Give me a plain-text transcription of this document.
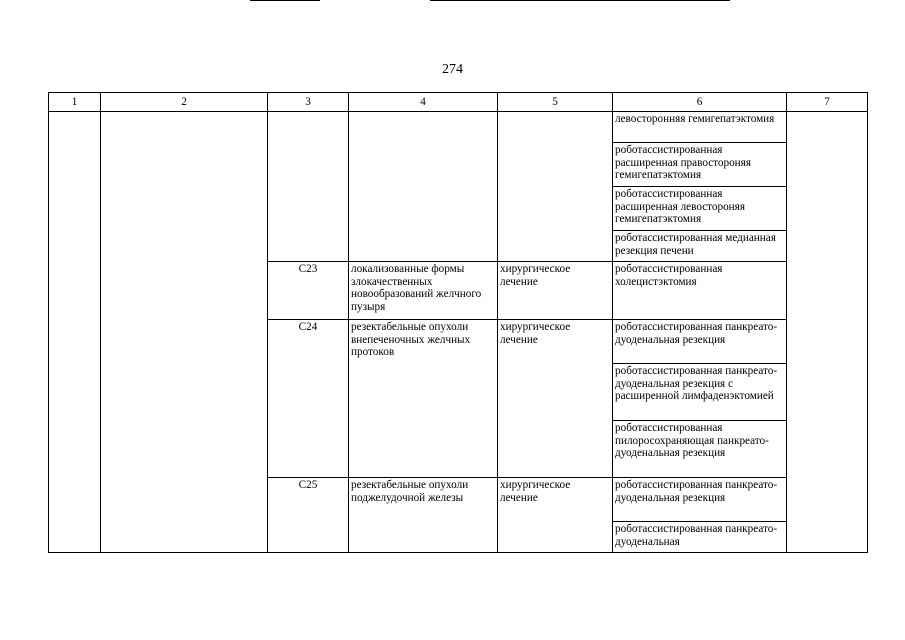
274
1	2	3	4	5	6	7
					левосторонняя гемигепатэктомия	
					роботассистированная расширенная правостороняя гемигепатэктомия	
					роботассистированная расширенная левостороняя гемигепатэктомия	
					роботассистированная медианная резекция печени	
		C23	локализованные формы злокачественных новообразований желчного пузыря	хирургическое лечение	роботассистированная холецистэктомия	
		C24	резектабельные опухоли внепеченочных желчных протоков	хирургическое лечение	роботассистированная панкреато-дуоденальная резекция	
					роботассистированная панкреато-дуоденальная резекция с расширенной лимфаденэктомией	
					роботассистированная пилоросохраняющая панкреато-дуоденальная резекция	
		C25	резектабельные опухоли поджелудочной железы	хирургическое лечение	роботассистированная панкреато-дуоденальная резекция	
					роботассистированная панкреато-дуоденальная	
